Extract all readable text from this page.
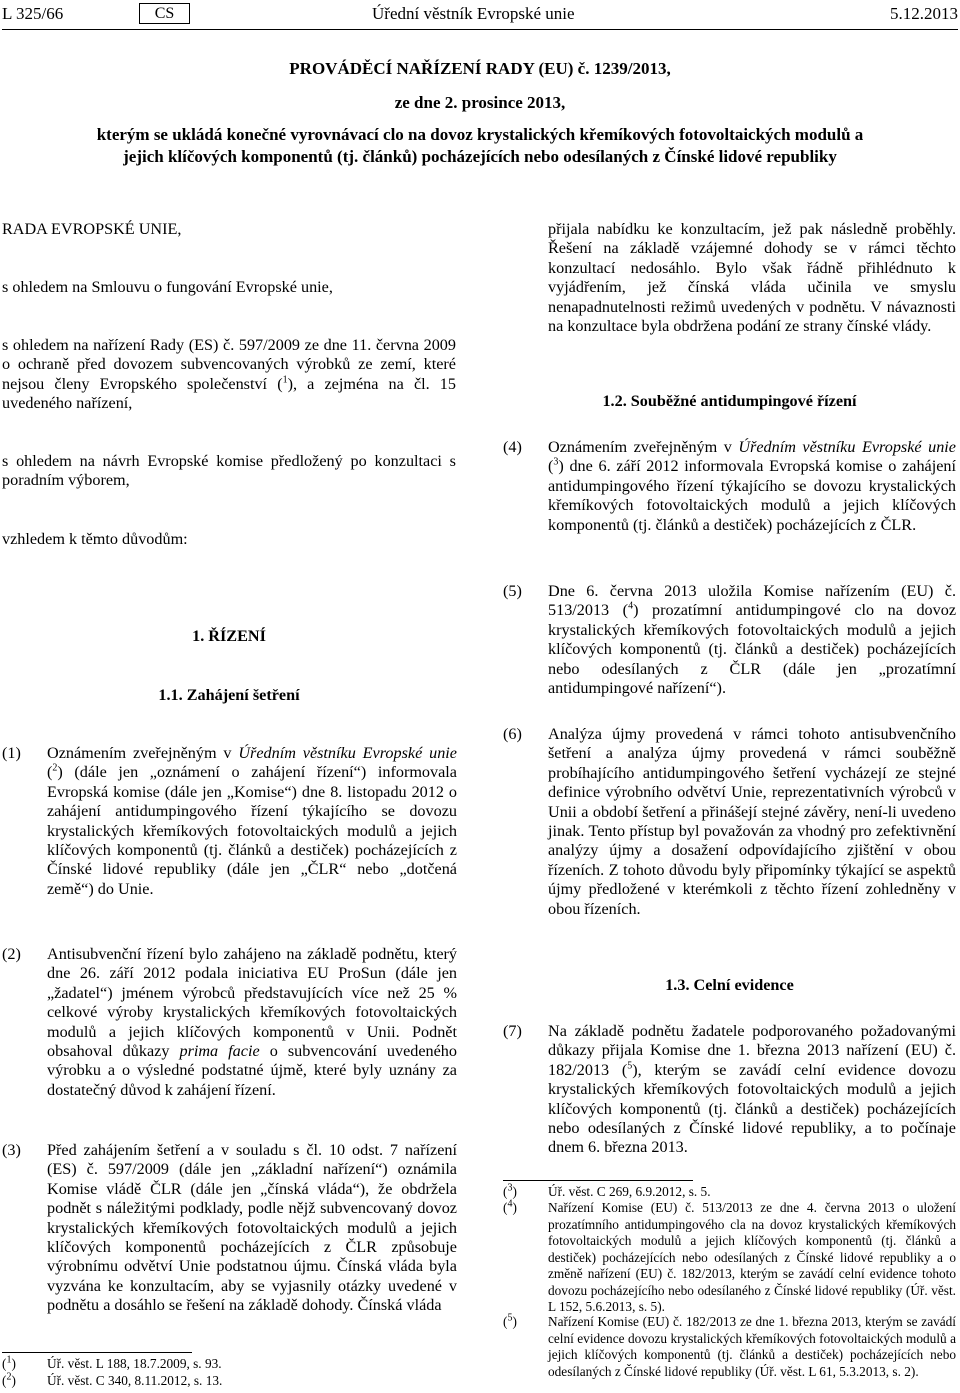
L 325/66	CS	Úřední věstník Evropské unie	5.12.2013
PROVÁDĚCÍ NAŘÍZENÍ RADY (EU) č. 1239/2013,
ze dne 2. prosince 2013,
kterým se ukládá konečné vyrovnávací clo na dovoz krystalických křemíkových fotovoltaických modulů a jejich klíčových komponentů (tj. článků) pocházejících nebo odesílaných z Čínské lidové republiky
RADA EVROPSKÉ UNIE,
s ohledem na Smlouvu o fungování Evropské unie,
s ohledem na nařízení Rady (ES) č. 597/2009 ze dne 11. června 2009 o ochraně před dovozem subvencovaných výrobků ze zemí, které nejsou členy Evropského společenství ($^1$), a zejména na čl. 15 uvedeného nařízení,
s ohledem na návrh Evropské komise předložený po konzultaci s poradním výborem,
vzhledem k těmto důvodům:
1. ŘÍZENÍ
1.1. Zahájení šetření
(1) Oznámením zveřejněným v Úředním věstníku Evropské unie ($^2$) (dále jen „oznámení o zahájení řízení“) informovala Evropská komise (dále jen „Komise“) dne 8. listopadu 2012 o zahájení antidumpingového řízení týkajícího se dovozu krystalických křemíkových fotovoltaických modulů a jejich klíčových komponentů (tj. článků a destiček) pocházejících z Čínské lidové republiky (dále jen „ČLR“ nebo „dotčená země“) do Unie.
(2) Antisubvenční řízení bylo zahájeno na základě podnětu, který dne 26. září 2012 podala iniciativa EU ProSun (dále jen „žadatel“) jménem výrobců představujících více než 25 % celkové výroby krystalických křemíkových fotovoltaických modulů a jejich klíčových komponentů v Unii. Podnět obsahoval důkazy prima facie o subvencování uvedeného výrobku a o výsledné podstatné újmě, které byly uznány za dostatečný důvod k zahájení řízení.
(3) Před zahájením šetření a v souladu s čl. 10 odst. 7 nařízení (ES) č. 597/2009 (dále jen „základní nařízení“) oznámila Komise vládě ČLR (dále jen „čínská vláda“), že obdržela podnět s náležitými podklady, podle nějž subvencovaný dovoz krystalických křemíkových fotovoltaických modulů a jejich klíčových komponentů pocházejících z ČLR způsobuje výrobnímu odvětví Unie podstatnou újmu. Čínská vláda byla vyzvána ke konzultacím, aby se vyjasnily otázky uvedené v podnětu a dosáhlo se řešení na základě dohody. Čínská vláda
($^1$) Úř. věst. L 188, 18.7.2009, s. 93.
($^2$) Úř. věst. C 340, 8.11.2012, s. 13.
přijala nabídku ke konzultacím, jež pak následně proběhly. Řešení na základě vzájemné dohody se v rámci těchto konzultací nedosáhlo. Bylo však řádně přihlédnuto k vyjádřením, jež čínská vláda učinila ve smyslu nenapadnutelnosti režimů uvedených v podnětu. V návaznosti na konzultace byla obdržena podání ze strany čínské vlády.
1.2. Souběžné antidumpingové řízení
(4) Oznámením zveřejněným v Úředním věstníku Evropské unie ($^3$) dne 6. září 2012 informovala Evropská komise o zahájení antidumpingového řízení týkajícího se dovozu krystalických křemíkových fotovoltaických modulů a jejich klíčových komponentů (tj. článků a destiček) pocházejících z ČLR.
(5) Dne 6. června 2013 uložila Komise nařízením (EU) č. 513/2013 ($^4$) prozatímní antidumpingové clo na dovoz krystalických křemíkových fotovoltaických modulů a jejich klíčových komponentů (tj. článků a destiček) pocházejících nebo odesílaných z ČLR (dále jen „prozatímní antidumpingové nařízení“).
(6) Analýza újmy provedená v rámci tohoto antisubvenčního šetření a analýza újmy provedená v rámci souběžně probíhajícího antidumpingového šetření vycházejí ze stejné definice výrobního odvětví Unie, reprezentativních výrobců v Unii a období šetření a přinášejí stejné závěry, není-li uvedeno jinak. Tento přístup byl považován za vhodný pro zefektivnění analýzy újmy a dosažení odpovídajícího zjištění v obou řízeních. Z tohoto důvodu byly připomínky týkající se aspektů újmy předložené v kterémkoli z těchto řízení zohledněny v obou řízeních.
1.3. Celní evidence
(7) Na základě podnětu žadatele podporovaného požadovanými důkazy přijala Komise dne 1. března 2013 nařízení (EU) č. 182/2013 ($^5$), kterým se zavádí celní evidence dovozu krystalických křemíkových fotovoltaických modulů a jejich klíčových komponentů (tj. článků a destiček) pocházejících nebo odesílaných z Čínské lidové republiky, a to počínaje dnem 6. března 2013.
($^3$) Úř. věst. C 269, 6.9.2012, s. 5.
($^4$) Nařízení Komise (EU) č. 513/2013 ze dne 4. června 2013 o uložení prozatímního antidumpingového cla na dovoz krystalických křemíkových fotovoltaických modulů a jejich klíčových komponentů (tj. článků a destiček) pocházejících nebo odesílaných z Čínské lidové republiky a o změně nařízení (EU) č. 182/2013, kterým se zavádí celní evidence tohoto dovozu pocházejícího nebo odesílaného z Čínské lidové republiky (Úř. věst. L 152, 5.6.2013, s. 5).
($^5$) Nařízení Komise (EU) č. 182/2013 ze dne 1. března 2013, kterým se zavádí celní evidence dovozu krystalických křemíkových fotovoltaických modulů a jejich klíčových komponentů (tj. článků a destiček) pocházejících nebo odesílaných z Čínské lidové republiky (Úř. věst. L 61, 5.3.2013, s. 2).
